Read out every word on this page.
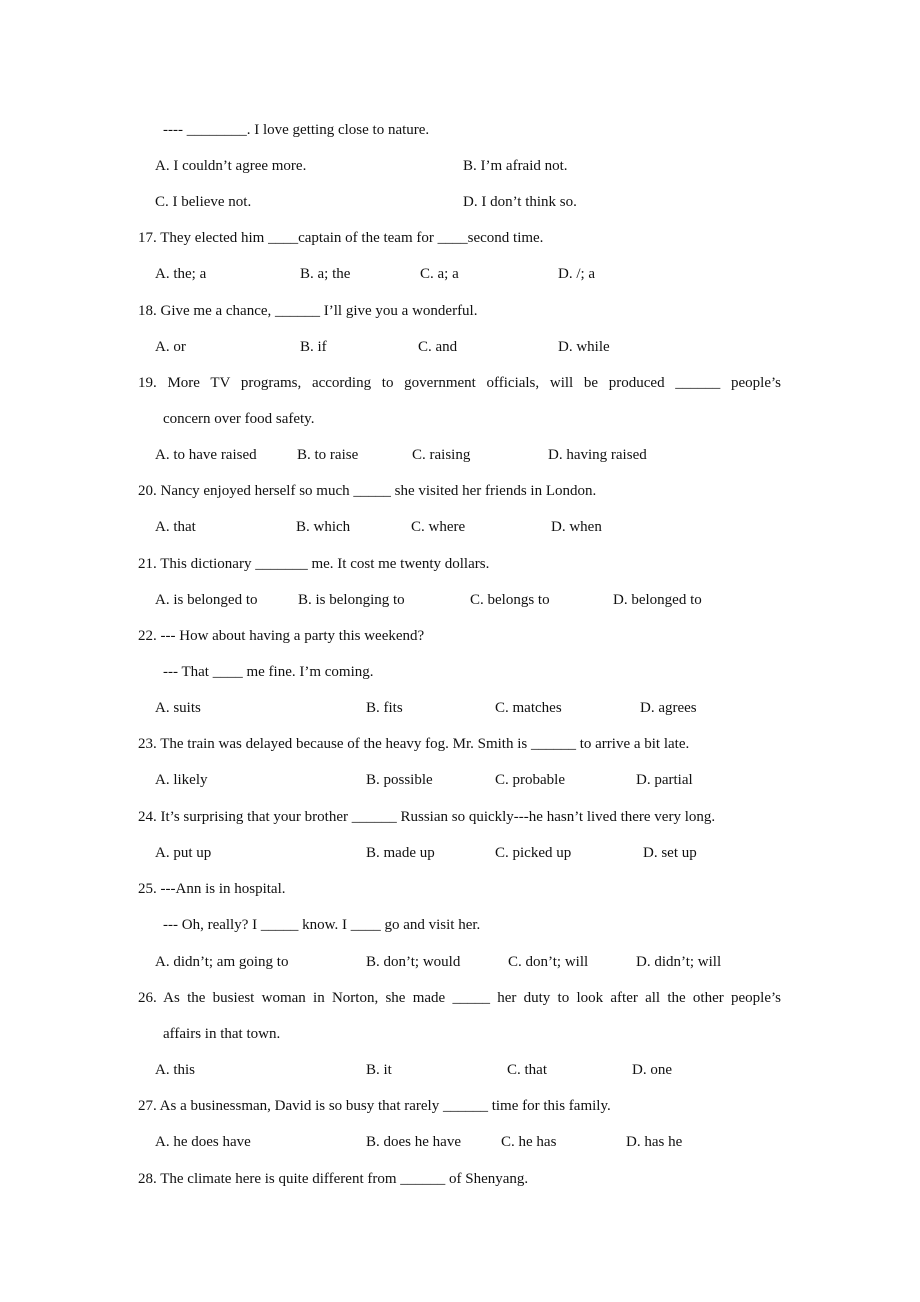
---- ________. I love getting close to nature.
A. I couldn’t agree more.	B. I’m afraid not.
C. I believe not.	D. I don’t think so.
17. They elected him ____captain of the team for ____second time.
A. the; a	B. a; the	C. a; a	D. /; a
18. Give me a chance, ______ I’ll give you a wonderful.
A. or	B. if	C. and	D. while
19. More TV programs, according to government officials, will be produced ______ people’s
concern over food safety.
A. to have raised	B. to raise	C. raising	D. having raised
20. Nancy enjoyed herself so much _____ she visited her friends in London.
A. that	B. which	C. where	D. when
21. This dictionary _______ me. It cost me twenty dollars.
A. is belonged to	B. is belonging to	C. belongs to	D. belonged to
22. --- How about having a party this weekend?
--- That ____ me fine. I’m coming.
A. suits	B. fits	C. matches	D. agrees
23. The train was delayed because of the heavy fog. Mr. Smith is ______ to arrive a bit late.
A. likely	B. possible	C. probable	D. partial
24. It’s surprising that your brother ______ Russian so quickly---he hasn’t lived there very long.
A. put up	B. made up	C. picked up	D. set up
25. ---Ann is in hospital.
--- Oh, really? I _____ know. I ____ go and visit her.
A. didn’t; am going to	B. don’t; would	C. don’t; will	D. didn’t; will
26. As the busiest woman in Norton, she made _____ her duty to look after all the other people’s
affairs in that town.
A. this	B. it	C. that	D. one
27. As a businessman, David is so busy that rarely ______ time for this family.
A. he does have	B. does he have	C. he has	D. has he
28. The climate here is quite different from ______ of Shenyang.
